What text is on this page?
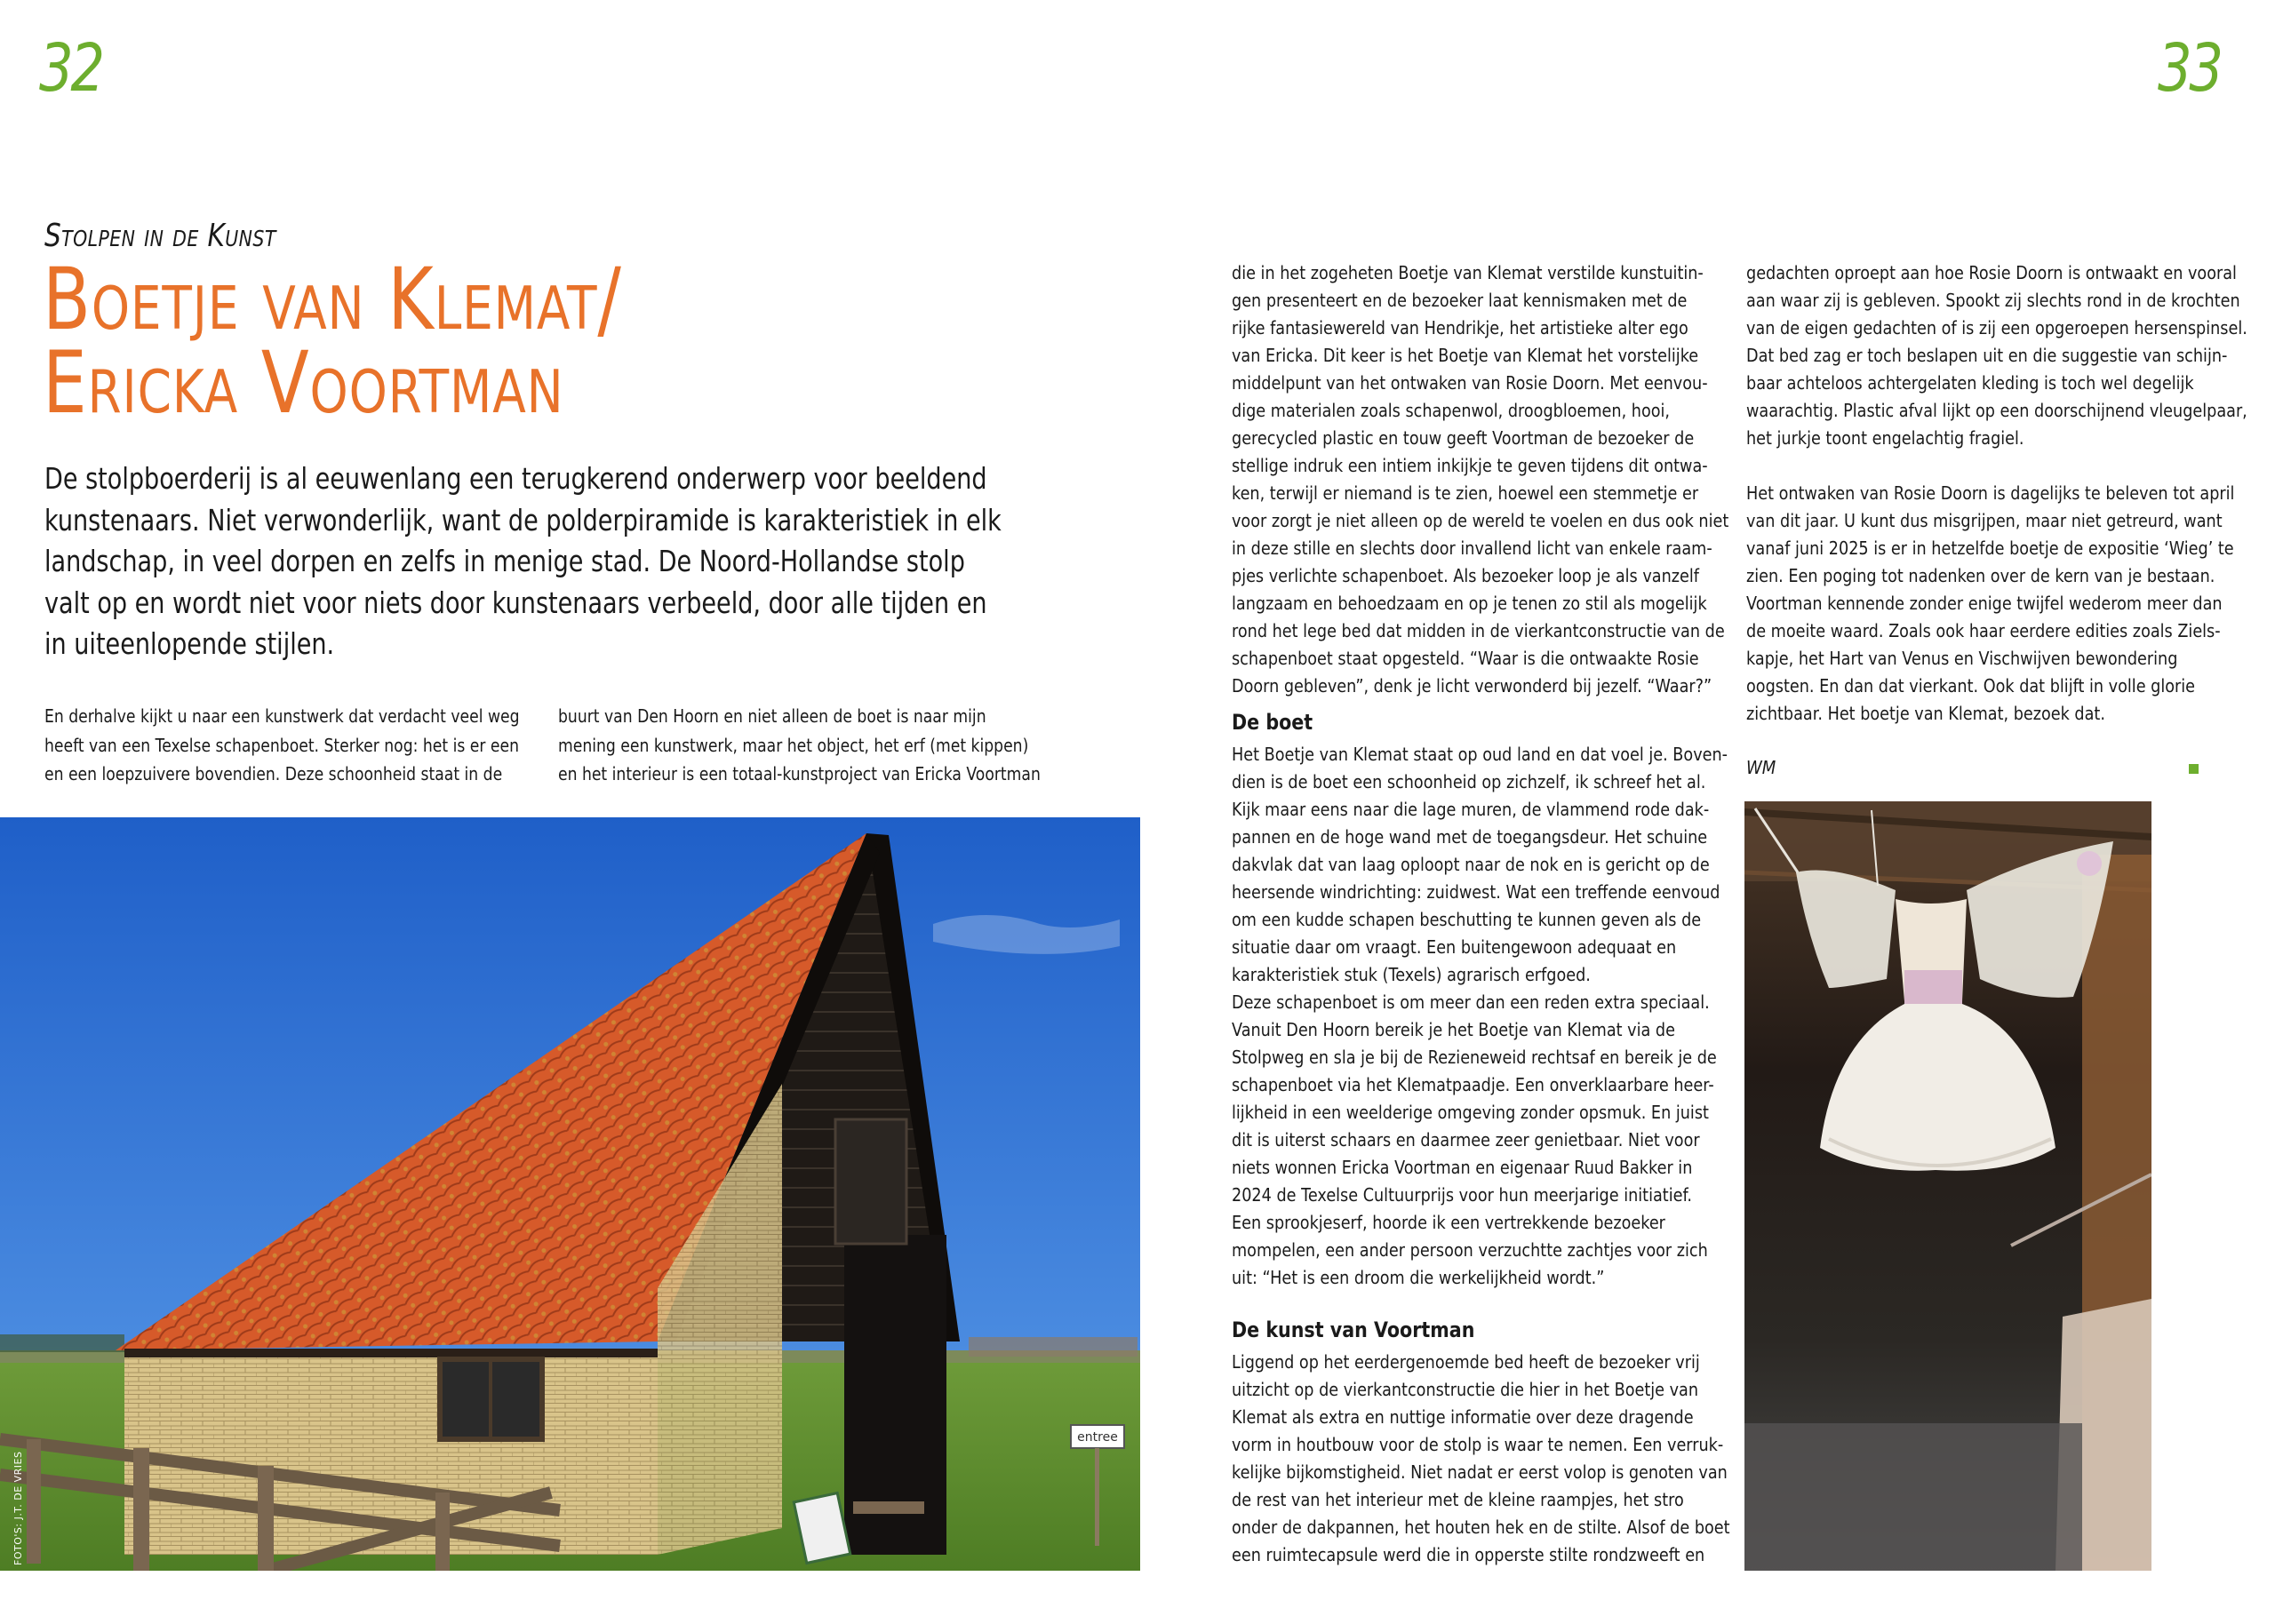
32	33
Stolpen in de Kunst
Boetje van Klemat/
Ericka Voortman

De stolpboerderij is al eeuwenlang een terugkerend onderwerp voor beeldend
kunstenaars. Niet verwonderlijk, want de polderpiramide is karakteristiek in elk
landschap, in veel dorpen en zelfs in menige stad. De Noord-Hollandse stolp
valt op en wordt niet voor niets door kunstenaars verbeeld, door alle tijden en
in uiteenlopende stijlen.

En derhalve kijkt u naar een kunstwerk dat verdacht veel weg
heeft van een Texelse schapenboet. Sterker nog: het is er een
en een loepzuivere bovendien. Deze schoonheid staat in de

buurt van Den Hoorn en niet alleen de boet is naar mijn
mening een kunstwerk, maar het object, het erf (met kippen)
en het interieur is een totaal-kunstproject van Ericka Voortman

entree
FOTO'S: J.T. DE VRIES
die in het zogeheten Boetje van Klemat verstilde kunstuitin-
gen presenteert en de bezoeker laat kennismaken met de
rijke fantasiewereld van Hendrikje, het artistieke alter ego
van Ericka. Dit keer is het Boetje van Klemat het vorstelijke
middelpunt van het ontwaken van Rosie Doorn. Met eenvou-
dige materialen zoals schapenwol, droogbloemen, hooi,
gerecycled plastic en touw geeft Voortman de bezoeker de
stellige indruk een intiem inkijkje te geven tijdens dit ontwa-
ken, terwijl er niemand is te zien, hoewel een stemmetje er
voor zorgt je niet alleen op de wereld te voelen en dus ook niet
in deze stille en slechts door invallend licht van enkele raam-
pjes verlichte schapenboet. Als bezoeker loop je als vanzelf
langzaam en behoedzaam en op je tenen zo stil als mogelijk
rond het lege bed dat midden in de vierkantconstructie van de
schapenboet staat opgesteld. “Waar is die ontwaakte Rosie
Doorn gebleven”, denk je licht verwonderd bij jezelf. “Waar?”
De boet
Het Boetje van Klemat staat op oud land en dat voel je. Boven-
dien is de boet een schoonheid op zichzelf, ik schreef het al.
Kijk maar eens naar die lage muren, de vlammend rode dak-
pannen en de hoge wand met de toegangsdeur. Het schuine
dakvlak dat van laag oploopt naar de nok en is gericht op de
heersende windrichting: zuidwest. Wat een treffende eenvoud
om een kudde schapen beschutting te kunnen geven als de
situatie daar om vraagt. Een buitengewoon adequaat en
karakteristiek stuk (Texels) agrarisch erfgoed.
Deze schapenboet is om meer dan een reden extra speciaal.
Vanuit Den Hoorn bereik je het Boetje van Klemat via de
Stolpweg en sla je bij de Rezieneweid rechtsaf en bereik je de
schapenboet via het Klematpaadje. Een onverklaarbare heer-
lijkheid in een weelderige omgeving zonder opsmuk. En juist
dit is uiterst schaars en daarmee zeer genietbaar. Niet voor
niets wonnen Ericka Voortman en eigenaar Ruud Bakker in
2024 de Texelse Cultuurprijs voor hun meerjarige initiatief.
Een sprookjeserf, hoorde ik een vertrekkende bezoeker
mompelen, een ander persoon verzuchtte zachtjes voor zich
uit: “Het is een droom die werkelijkheid wordt.”
De kunst van Voortman
Liggend op het eerdergenoemde bed heeft de bezoeker vrij
uitzicht op de vierkantconstructie die hier in het Boetje van
Klemat als extra en nuttige informatie over deze dragende
vorm in houtbouw voor de stolp is waar te nemen. Een verruk-
kelijke bijkomstigheid. Niet nadat er eerst volop is genoten van
de rest van het interieur met de kleine raampjes, het stro
onder de dakpannen, het houten hek en de stilte. Alsof de boet
een ruimtecapsule werd die in opperste stilte rondzweeft en
gedachten oproept aan hoe Rosie Doorn is ontwaakt en vooral
aan waar zij is gebleven. Spookt zij slechts rond in de krochten
van de eigen gedachten of is zij een opgeroepen hersenspinsel.
Dat bed zag er toch beslapen uit en die suggestie van schijn-
baar achteloos achtergelaten kleding is toch wel degelijk
waarachtig. Plastic afval lijkt op een doorschijnend vleugelpaar,
het jurkje toont engelachtig fragiel.
Het ontwaken van Rosie Doorn is dagelijks te beleven tot april
van dit jaar. U kunt dus misgrijpen, maar niet getreurd, want
vanaf juni 2025 is er in hetzelfde boetje de expositie ‘Wieg’ te
zien. Een poging tot nadenken over de kern van je bestaan.
Voortman kennende zonder enige twijfel wederom meer dan
de moeite waard. Zoals ook haar eerdere edities zoals Ziels-
kapje, het Hart van Venus en Vischwijven bewondering
oogsten. En dan dat vierkant. Ook dat blijft in volle glorie
zichtbaar. Het boetje van Klemat, bezoek dat.
WM
